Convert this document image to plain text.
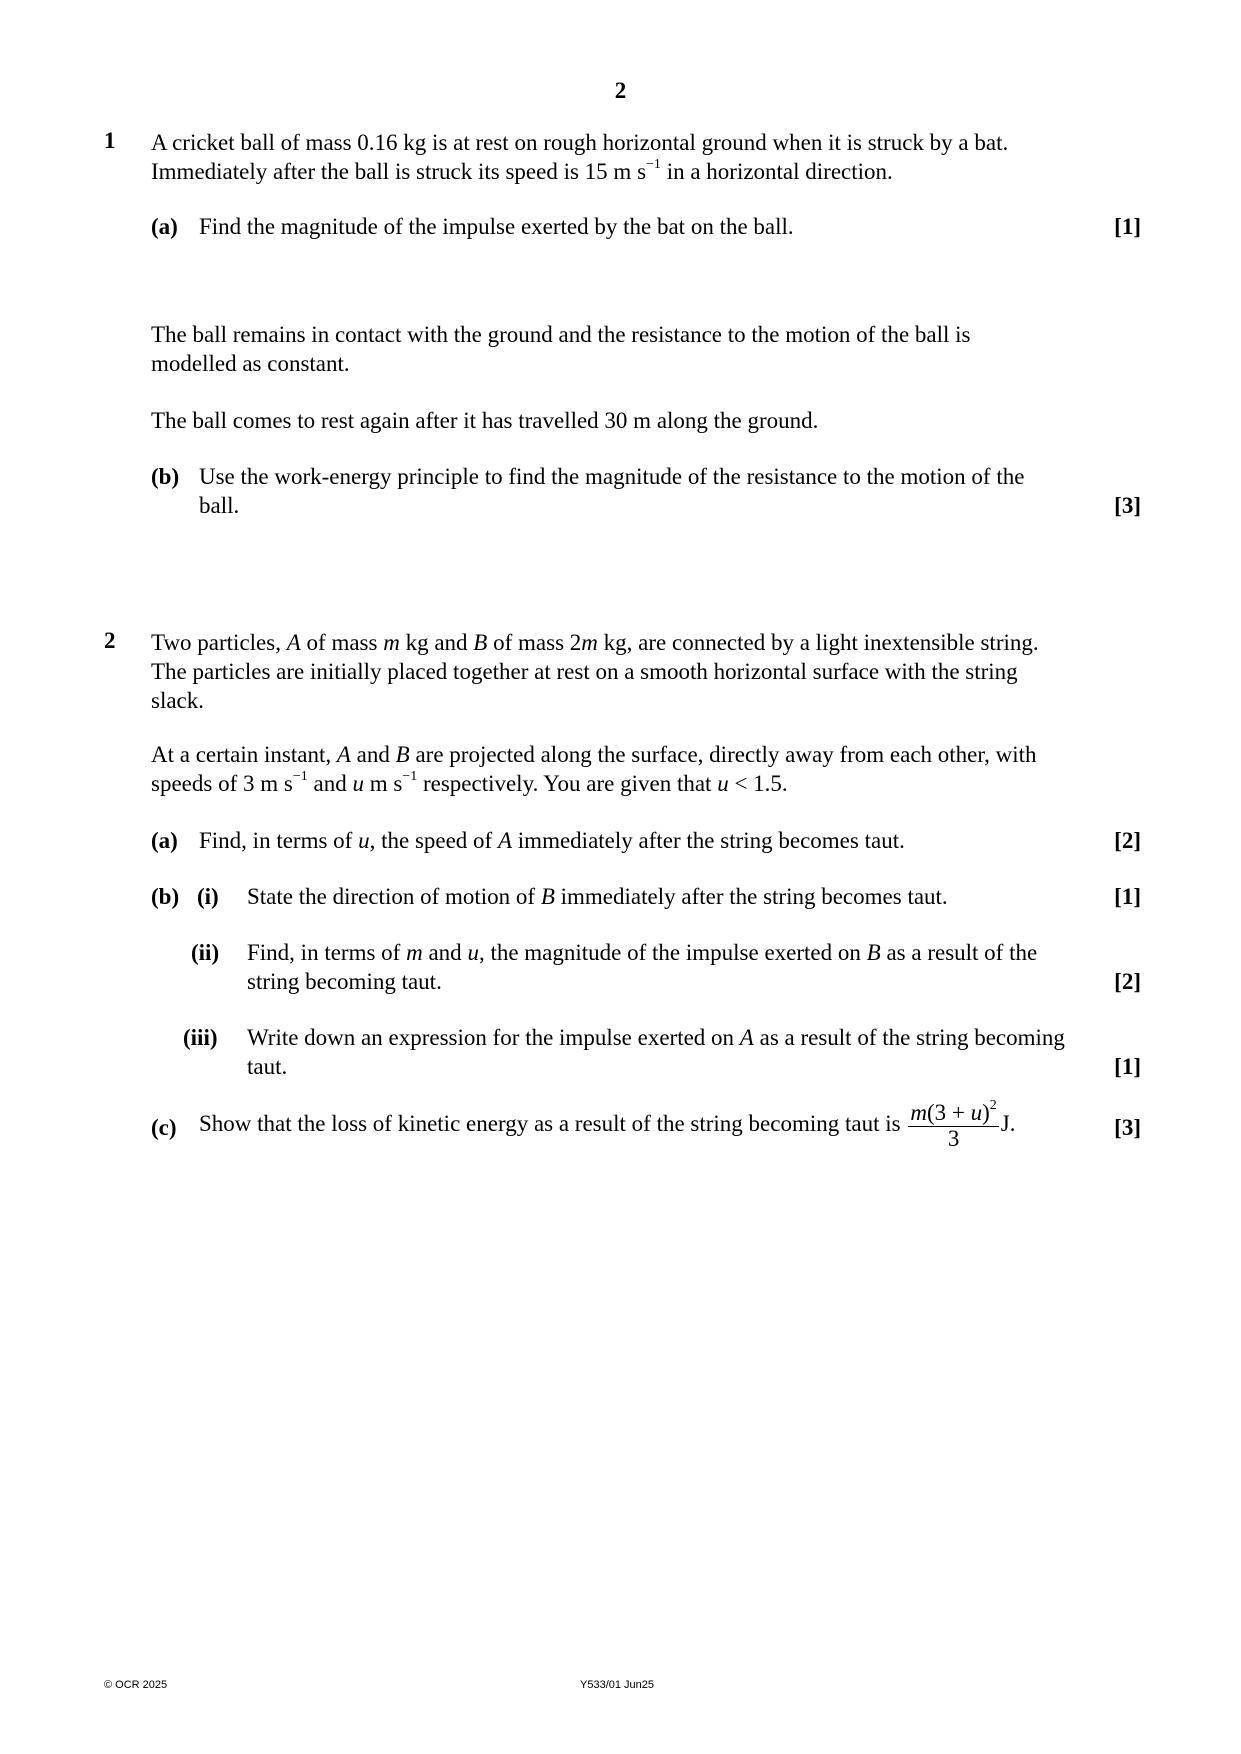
2
1 A cricket ball of mass 0.16 kg is at rest on rough horizontal ground when it is struck by a bat.
Immediately after the ball is struck its speed is 15 m $s^{-1}$ in a horizontal direction.
(a) Find the magnitude of the impulse exerted by the bat on the ball.	[1]
The ball remains in contact with the ground and the resistance to the motion of the ball is
modelled as constant.
The ball comes to rest again after it has travelled 30 m along the ground.
(b) Use the work-energy principle to find the magnitude of the resistance to the motion of the
ball.	[3]
2 Two particles, A of mass m kg and B of mass 2m kg, are connected by a light inextensible string.
The particles are initially placed together at rest on a smooth horizontal surface with the string
slack.
At a certain instant, A and B are projected along the surface, directly away from each other, with
speeds of 3 m $s^{-1}$ and u m $s^{-1}$ respectively. You are given that u < 1.5.
(a) Find, in terms of u, the speed of A immediately after the string becomes taut.	[2]
(b) (i) State the direction of motion of B immediately after the string becomes taut.	[1]
(ii) Find, in terms of m and u, the magnitude of the impulse exerted on B as a result of the
string becoming taut.	[2]
(iii) Write down an expression for the impulse exerted on A as a result of the string becoming
taut.	[1]
(c) Show that the loss of kinetic energy as a result of the string becoming taut is $\frac{m(3 + u)^2}{3} J$.	[3]
© OCR 2025	Y533/01 Jun25
